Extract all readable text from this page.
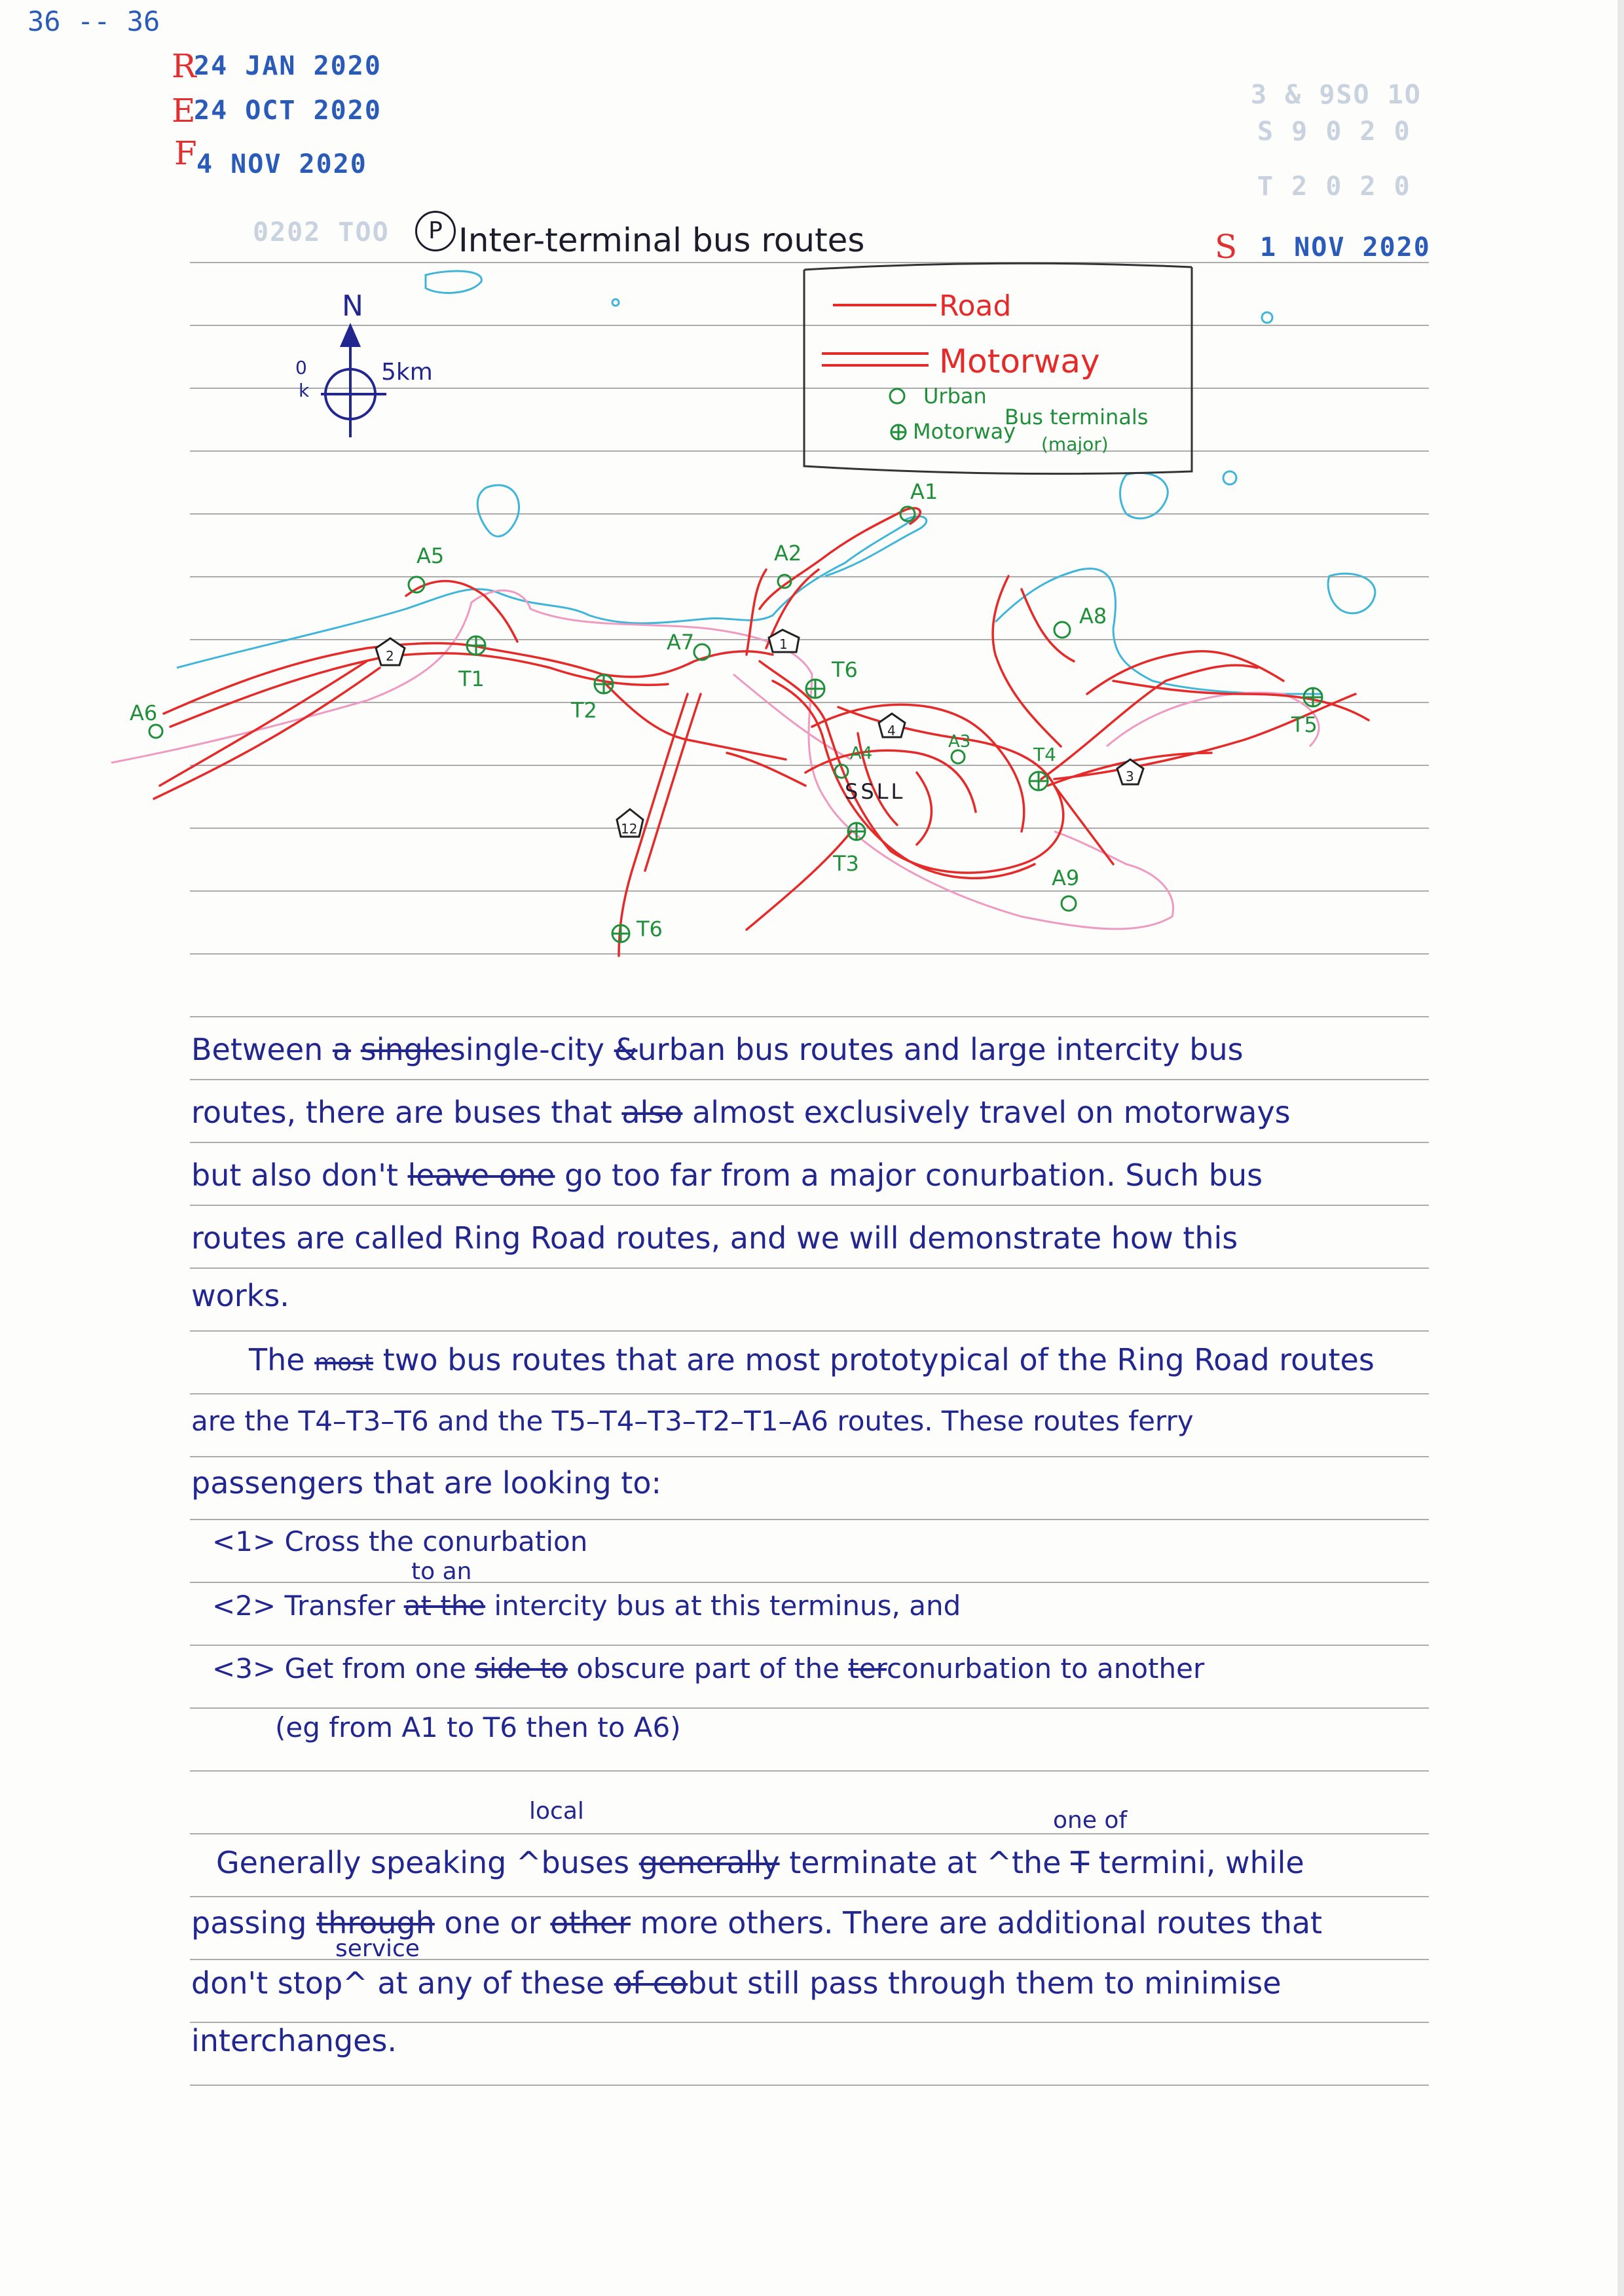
36 -- 36
R
24 JAN 2020
E
24 OCT 2020
F 4 NOV 2020
3 & 9SO 1O
S 9 0 2 0
T 2 0 2 0
0202 TOO	S 1 NOV 2020
P Inter-terminal bus routes
N
0
k
5km
Road
Motorway
Urban
Motorway
Bus terminals
(major)
A1
A2
A5
A7
A8
A6
T1
T2
T6
A4
A3
T4
T5
T3
A9
T6
SSLL
2
4
3
12
1
Between a singlesingle-city &urban bus routes and large intercity bus
routes, there are buses that also almost exclusively travel on motorways
but also don't leave one go too far from a major conurbation. Such bus
routes are called Ring Road routes, and we will demonstrate how this
works.
The most two bus routes that are most prototypical of the Ring Road routes
are the T4–T3–T6 and the T5–T4–T3–T2–T1–A6 routes. These routes ferry
passengers that are looking to:
<1> Cross the conurbation
to an
<2> Transfer at the intercity bus at this terminus, and
<3> Get from one side to obscure part of the terconurbation to another
(eg from A1 to T6 then to A6)
local	one of
Generally speaking ^buses generally terminate at ^the T termini, while
passing through one or other more others. There are additional routes that
service
don't stop^ at any of these of cobut still pass through them to minimise
interchanges.
